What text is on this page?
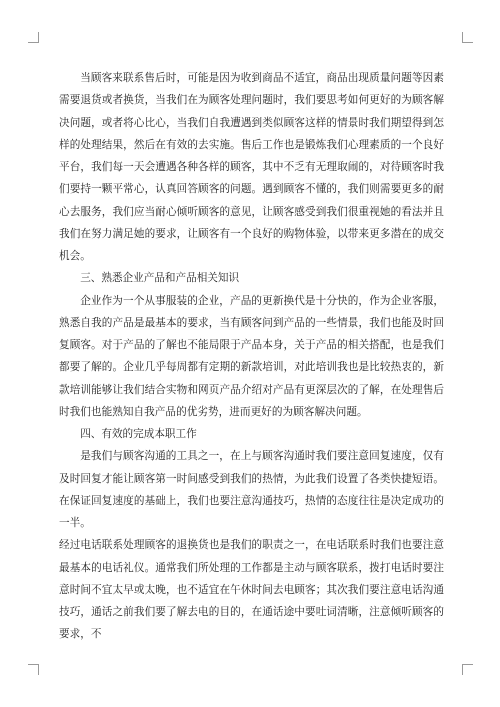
当顾客来联系售后时，可能是因为收到商品不适宜，商品出现质量问题等因素需要退货或者换货，当我们在为顾客处理问题时，我们要思考如何更好的为顾客解决问题，或者将心比心，当我们自我遭遇到类似顾客这样的情景时我们期望得到怎样的处理结果，然后在有效的去实施。售后工作也是锻炼我们心理素质的一个良好平台，我们每一天会遭遇各种各样的顾客，其中不乏有无理取闹的，对待顾客时我们要持一颗平常心，认真回答顾客的问题。遇到顾客不懂的，我们则需要更多的耐心去服务，我们应当耐心倾听顾客的意见，让顾客感受到我们很重视她的看法并且我们在努力满足她的要求，让顾客有一个良好的购物体验，以带来更多潜在的成交机会。

三、熟悉企业产品和产品相关知识

企业作为一个从事服装的企业，产品的更新换代是十分快的，作为企业客服，熟悉自我的产品是最基本的要求，当有顾客问到产品的一些情景，我们也能及时回复顾客。对于产品的了解也不能局限于产品本身，关于产品的相关搭配，也是我们都要了解的。企业几乎每周都有定期的新款培训，对此培训我也是比较热衷的，新款培训能够让我们结合实物和网页产品介绍对产品有更深层次的了解，在处理售后时我们也能熟知自我产品的优劣势，进而更好的为顾客解决问题。

四、有效的完成本职工作

是我们与顾客沟通的工具之一，在上与顾客沟通时我们要注意回复速度，仅有及时回复才能让顾客第一时间感受到我们的热情，为此我们设置了各类快捷短语。在保证回复速度的基础上，我们也要注意沟通技巧，热情的态度往往是决定成功的一半。

经过电话联系处理顾客的退换货也是我们的职责之一，在电话联系时我们也要注意最基本的电话礼仪。通常我们所处理的工作都是主动与顾客联系，拨打电话时要注意时间不宜太早或太晚，也不适宜在午休时间去电顾客；其次我们要注意电话沟通技巧，通话之前我们要了解去电的目的，在通话途中要吐词清晰，注意倾听顾客的要求，不
